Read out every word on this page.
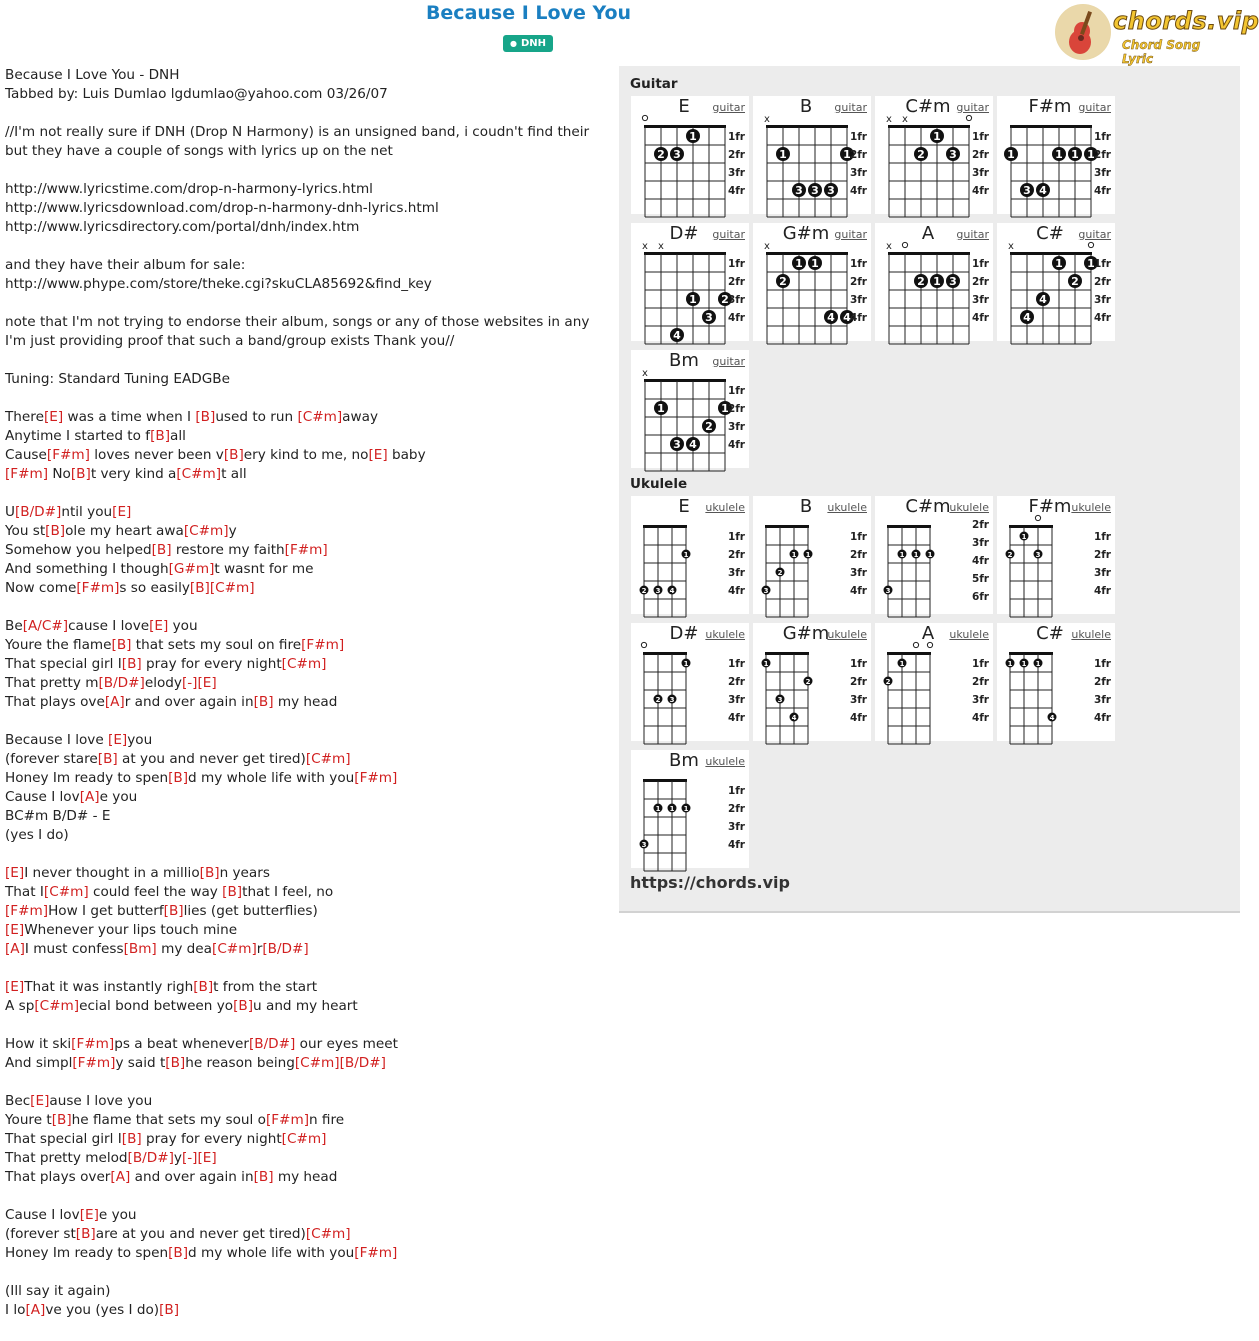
Because I Love You
● DNH
chords.vip
Chord Song Lyric
Because I Love You - DNH
Tabbed by: Luis Dumlao lgdumlao@yahoo.com 03/26/07
//I'm not really sure if DNH (Drop N Harmony) is an unsigned band, i coudn't find their
but they have a couple of songs with lyrics up on the net
http://www.lyricstime.com/drop-n-harmony-lyrics.html
http://www.lyricsdownload.com/drop-n-harmony-dnh-lyrics.html
http://www.lyricsdirectory.com/portal/dnh/index.htm
and they have their album for sale:
http://www.phype.com/store/theke.cgi?skuCLA85692&find_key
note that I'm not trying to endorse their album, songs or any of those websites in any
I'm just providing proof that such a band/group exists Thank you//
Tuning: Standard Tuning EADGBe
There[E] was a time when I [B]used to run [C#m]away
Anytime I started to f[B]all
Cause[F#m] loves never been v[B]ery kind to me, no[E] baby
[F#m] No[B]t very kind a[C#m]t all
U[B/D#]ntil you[E]
You st[B]ole my heart awa[C#m]y
Somehow you helped[B] restore my faith[F#m]
And something I though[G#m]t wasnt for me
Now come[F#m]s so easily[B][C#m]
Be[A/C#]cause I love[E] you
Youre the flame[B] that sets my soul on fire[F#m]
That special girl I[B] pray for every night[C#m]
That pretty m[B/D#]elody[-][E]
That plays ove[A]r and over again in[B] my head
Because I love [E]you
(forever stare[B] at you and never get tired)[C#m]
Honey Im ready to spen[B]d my whole life with you[F#m]
Cause I lov[A]e you
BC#m B/D# - E
(yes I do)
[E]I never thought in a millio[B]n years
That I[C#m] could feel the way [B]that I feel, no
[F#m]How I get butterf[B]lies (get butterflies)
[E]Whenever your lips touch mine
[A]I must confess[Bm] my dea[C#m]r[B/D#]
[E]That it was instantly righ[B]t from the start
A sp[C#m]ecial bond between yo[B]u and my heart
How it ski[F#m]ps a beat whenever[B/D#] our eyes meet
And simpl[F#m]y said t[B]he reason being[C#m][B/D#]
Bec[E]ause I love you
Youre t[B]he flame that sets my soul o[F#m]n fire
That special girl I[B] pray for every night[C#m]
That pretty melod[B/D#]y[-][E]
That plays over[A] and over again in[B] my head
Cause I lov[E]e you
(forever st[B]are at you and never get tired)[C#m]
Honey Im ready to spen[B]d my whole life with you[F#m]
(Ill say it again)
I lo[A]ve you (yes I do)[B]
Guitar
Ukulele
1
2 3
1fr
2fr
3fr
4fr
E	guitar
x
1	1
3 3 3
1fr
2fr
3fr
4fr
B	guitar
x x
1
2 3
1fr
2fr
3fr
4fr
C#m guitar
1	1 1 1
3 4
1fr
2fr
3fr
4fr
F#m guitar
x x
1 2
3
4
1fr
2fr
3fr
4fr
D#	guitar
x
1 1
2
4 4
1fr
2fr
3fr
4fr
G#m guitar
x
2 1 3
1fr
2fr
3fr
4fr
A	guitar
x
1 1
2
4
4
1fr
2fr
3fr
4fr
C#	guitar
x
1	1
2
3 4
1fr
2fr
3fr
4fr
Bm	guitar
1
2 3 4
1fr
2fr
3fr
4fr
E	ukulele
1 1
2
3
1fr
2fr
3fr
4fr
B	ukulele
1 1 1
3
2fr
3fr
4fr
5fr
6fr
C#m
ukulele
1
2	3
1fr
2fr
3fr
4fr
F#m ukulele
1
2 3
1fr
2fr
3fr
4fr
D# ukulele
1
2
3
4
1fr
2fr
3fr
4fr
G#m
ukulele
1
2
1fr
2fr
3fr
4fr
A	ukulele
1 1 1
4
1fr
2fr
3fr
4fr
C# ukulele
1 1 1
3
1fr
2fr
3fr
4fr
Bm ukulele
https://chords.vip
